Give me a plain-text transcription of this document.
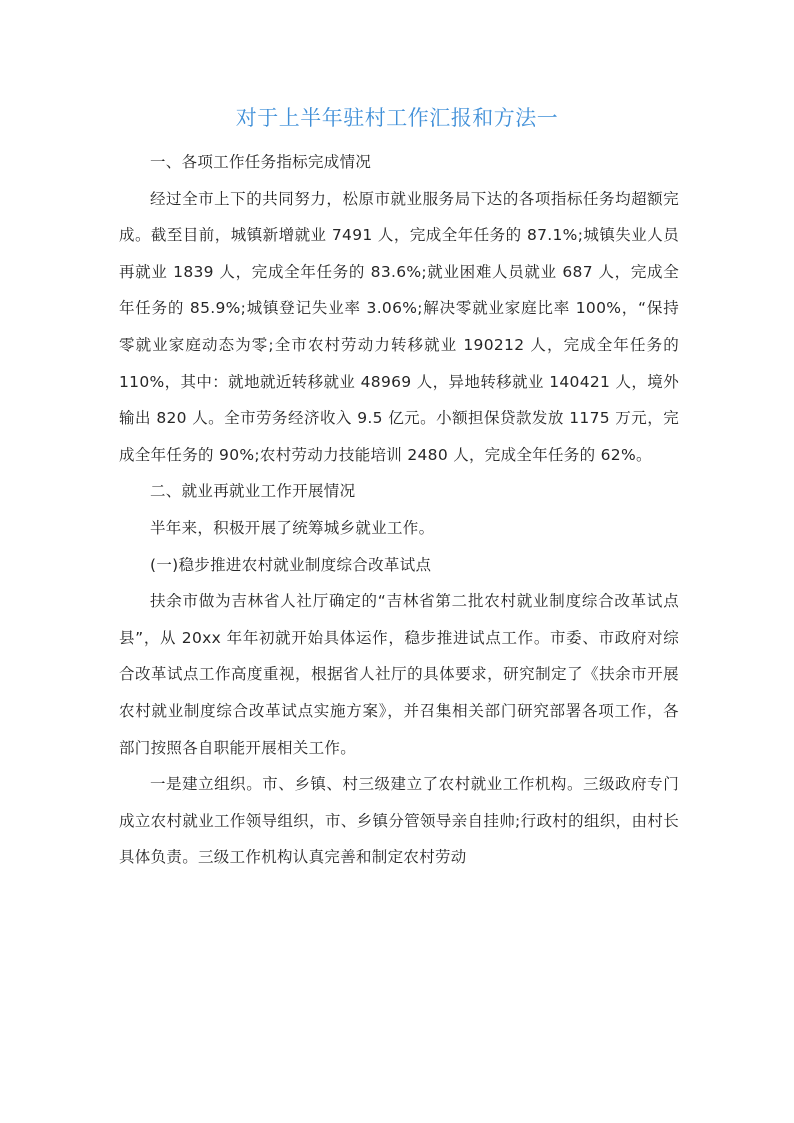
对于上半年驻村工作汇报和方法一

一、各项工作任务指标完成情况

经过全市上下的共同努力，松原市就业服务局下达的各项指标任务均超额完成。截至目前，城镇新增就业 7491 人，完成全年任务的 87.1%;城镇失业人员再就业 1839 人，完成全年任务的 83.6%;就业困难人员就业 687 人，完成全年任务的 85.9%;城镇登记失业率 3.06%;解决零就业家庭比率 100%，“保持零就业家庭动态为零;全市农村劳动力转移就业 190212 人，完成全年任务的 110%，其中：就地就近转移就业 48969 人，异地转移就业 140421 人，境外输出 820 人。全市劳务经济收入 9.5 亿元。小额担保贷款发放 1175 万元，完成全年任务的 90%;农村劳动力技能培训 2480 人，完成全年任务的 62%。

二、就业再就业工作开展情况

半年来，积极开展了统筹城乡就业工作。

(一)稳步推进农村就业制度综合改革试点

扶余市做为吉林省人社厅确定的“吉林省第二批农村就业制度综合改革试点县”，从 20xx 年年初就开始具体运作，稳步推进试点工作。市委、市政府对综合改革试点工作高度重视，根据省人社厅的具体要求，研究制定了《扶余市开展农村就业制度综合改革试点实施方案》，并召集相关部门研究部署各项工作，各部门按照各自职能开展相关工作。

一是建立组织。市、乡镇、村三级建立了农村就业工作机构。三级政府专门成立农村就业工作领导组织，市、乡镇分管领导亲自挂帅;行政村的组织，由村长具体负责。三级工作机构认真完善和制定农村劳动
